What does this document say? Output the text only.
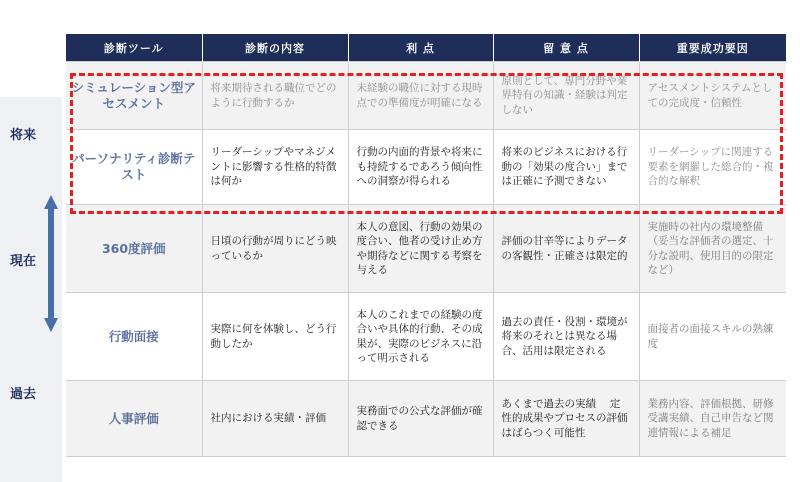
将来
現在
過去
診断ツール	診断の内容	利 点	留 意 点	重要成功要因
シミュレーション型アセスメント	将来期待される職位でどのように行動するか	未経験の職位に対する現時点での準備度が明確になる	原則として、専門分野や業界特有の知識・経験は判定しない	アセスメントシステムとしての完成度・信頼性
パーソナリティ診断テスト	リーダーシップやマネジメントに影響する性格的特徴は何か	行動の内面的背景や将来にも持続するであろう傾向性への洞察が得られる	将来のビジネスにおける行動の「効果の度合い」までは正確に予測できない	リーダーシップに関連する要素を網羅した総合的・複合的な解釈
360度評価	日頃の行動が周りにどう映っているか	本人の意図、行動の効果の度合い、他者の受け止め方や期待などに関する考察を与える	評価の甘辛等によりデータの客観性・正確さは限定的	実施時の社内の環境整備（妥当な評価者の選定、十分な説明、使用目的の限定など）
行動面接	実際に何を体験し、どう行動したか	本人のこれまでの経験の度合いや具体的行動、その成果が、実際のビジネスに沿って明示される	過去の責任・役割・環境が将来のそれとは異なる場合、活用は限定される	面接者の面接スキルの熟練度
人事評価	社内における実績・評価	実務面での公式な評価が確認できる	あくまで過去の実績　 定性的成果やプロセスの評価はばらつく可能性	業務内容、評価根拠、研修受講実績、自己申告など関連情報による補足
